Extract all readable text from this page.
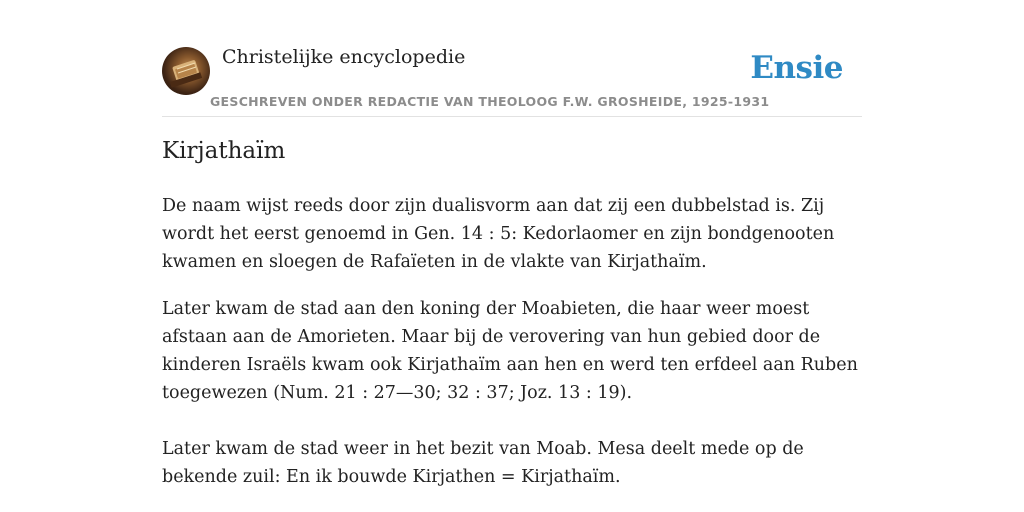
Christelijke encyclopedie
GESCHREVEN ONDER REDACTIE VAN THEOLOOG F.W. GROSHEIDE, 1925-1931
Ensie
Kirjathaïm

De naam wijst reeds door zijn dualisvorm aan dat zij een dubbelstad is. Zij wordt het eerst genoemd in Gen. 14 : 5: Kedorlaomer en zijn bondgenooten kwamen en sloegen de Rafaïeten in de vlakte van Kirjathaïm.

Later kwam de stad aan den koning der Moabieten, die haar weer moest afstaan aan de Amorieten. Maar bij de verovering van hun gebied door de kinderen Israëls kwam ook Kirjathaïm aan hen en werd ten erfdeel aan Ruben toegewezen (Num. 21 : 27—30; 32 : 37; Joz. 13 : 19).

Later kwam de stad weer in het bezit van Moab. Mesa deelt mede op de bekende zuil: En ik bouwde Kirjathen = Kirjathaïm.
